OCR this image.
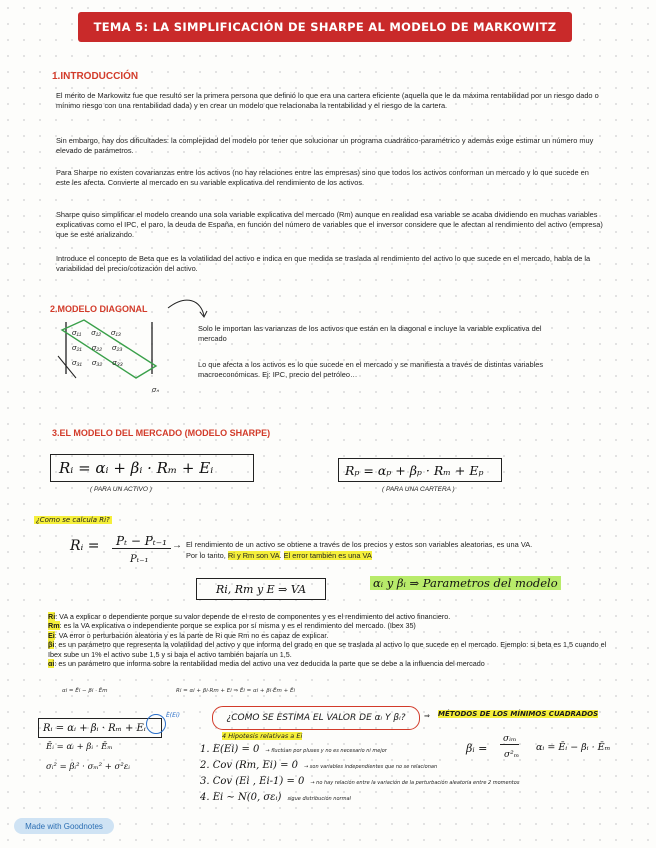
TEMA 5: LA SIMPLIFICACIÓN DE SHARPE AL MODELO DE MARKOWITZ
1.INTRODUCCIÓN
El mérito de Markowitz fue que resultó ser la primera persona que definió lo que era una cartera eficiente (aquella que le da máxima rentabilidad por un riesgo dado o mínimo riesgo con una rentabilidad dada) y en crear un modelo que relacionaba la rentabilidad y el riesgo de la cartera.
Sin embargo, hay dos dificultades: la complejidad del modelo por tener que solucionar un programa cuadrático-paramétrico y además exige estimar un número muy elevado de parámetros.
Para Sharpe no existen covarianzas entre los activos (no hay relaciones entre las empresas) sino que todos los activos conforman un mercado y lo que sucede en este les afecta. Convierte al mercado en su variable explicativa del rendimiento de los activos.
Sharpe quiso simplificar el modelo creando una sola variable explicativa del mercado (Rm) aunque en realidad esa variable se acaba dividiendo en muchas variables explicativas como el IPC, el paro, la deuda de España, en función del número de variables que el inversor considere que le afectan al rendimiento del activo (empresa) que se esté analizando.
Introduce el concepto de Beta que es la volatilidad del activo e indica en que medida se traslada al rendimiento del activo lo que sucede en el mercado, habla de la variabilidad del precio/cotización del activo.
2.MODELO DIAGONAL
σ₁₁ σ₁₂ σ₁₃
σ₂₁ σ₂₂ σ₂₃
σ₃₁ σ₃₂ σ₃₃
σₙ
Solo le importan las varianzas de los activos que están en la diagonal e incluye la variable explicativa del mercado
Lo que afecta a los activos es lo que sucede en el mercado y se manifiesta a través de distintas variables macroeconómicas. Ej: IPC, precio del petróleo…
3.EL MODELO DEL MERCADO (MODELO SHARPE)
Rᵢ = αᵢ + βᵢ · Rₘ + Eᵢ
( PARA UN ACTIVO )
Rₚ = αₚ + βₚ · Rₘ + Eₚ
( PARA UNA CARTERA )
¿Como se calcula Ri?
Rᵢ =	Pₜ − Pₜ₋₁
Pₜ₋₁
→ El rendimiento de un activo se obtiene a través de los precios y estos son variables aleatorias, es una VA.
Por lo tanto, Ri y Rm son VA. El error también es una VA
Ri, Rm y E ⇒ VA	αᵢ y βᵢ ⇒ Parametros del modelo
Ri: VA a explicar o dependiente porque su valor depende de el resto de componentes y es el rendimiento del activo financiero.
Rm: es la VA explicativa o independiente porque se explica por sí misma y es el rendimiento del mercado. (Ibex 35)
Ei: VA error o perturbación aleatoria y es la parte de Ri que Rm no es capaz de explicar.
βi: es un parámetro que representa la volatilidad del activo y que informa del grado en que se traslada al activo lo que sucede en el mercado. Ejemplo: si beta es 1,5 cuando el Ibex sube un 1% el activo sube 1,5 y si baja el activo también bajaría un 1,5.
αi: es un parámetro que informa sobre la rentabilidad media del activo una vez deducida la parte que se debe a la influencia del mercado
αi = Ēi − βi · Ēm	Ri = αi + βi·Rm + Ei ⇒ Ēi = αi + βi·Ēm + Ēi
Rᵢ = αᵢ + βᵢ · Rₘ + Eᵢ
E(Ei)
Ēᵢ = αᵢ + βᵢ · Ēₘ
σᵢ² = βᵢ² · σₘ² + σ²εᵢ
¿COMO SE ESTIMA EL VALOR DE αᵢ Y βᵢ?	⇒ MÉTODOS DE LOS MÍNIMOS CUADRADOS
4 Hipotesis relativas a Ei
1. E(Ei) = 0 → fluctúan por pluses y no es necesario ni mejor
2. Cov (Rm, Ei) = 0 → son variables independientes que no se relacionan
3. Cov (Ei , Ei-1) = 0 → no hay relación entre la variación de la perturbación aleatoria entre 2 momentos
4. Ei ∼ N(0, σεᵢ) sigue distribución normal
βᵢ =
σᵢₘ
σ²ₘ
αᵢ = Ēᵢ − βᵢ · Ēₘ
Made with Goodnotes
